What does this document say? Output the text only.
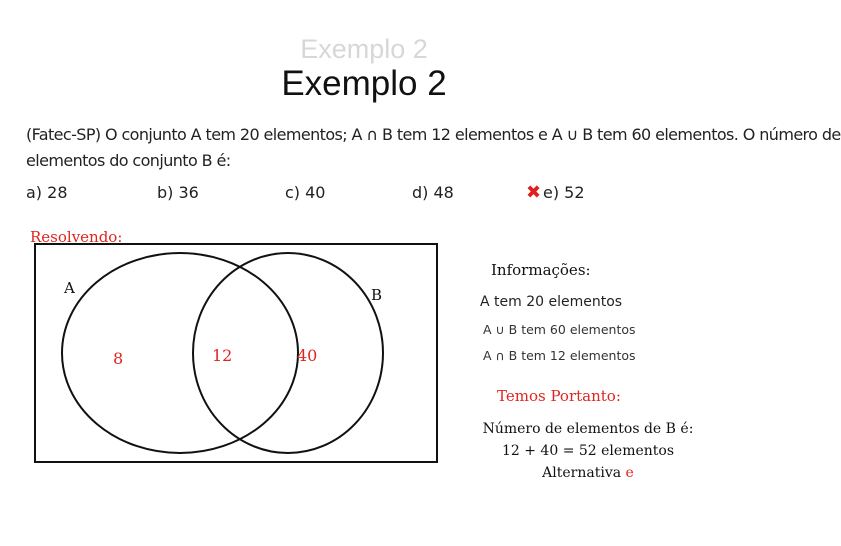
Exemplo 2
Exemplo 2
(Fatec-SP) O conjunto A tem 20 elementos; A ∩ B tem 12 elementos e A ∪ B tem 60 elementos. O número de
elementos do conjunto B é:
a) 28	b) 36	c) 40	d) 48	✖ e) 52
Resolvendo:
A	B
8	12	40
Informações:
A tem 20 elementos
A ∪ B tem 60 elementos
A ∩ B tem 12 elementos
Temos Portanto:
Número de elementos de B é:
12 + 40 = 52 elementos
Alternativa e
